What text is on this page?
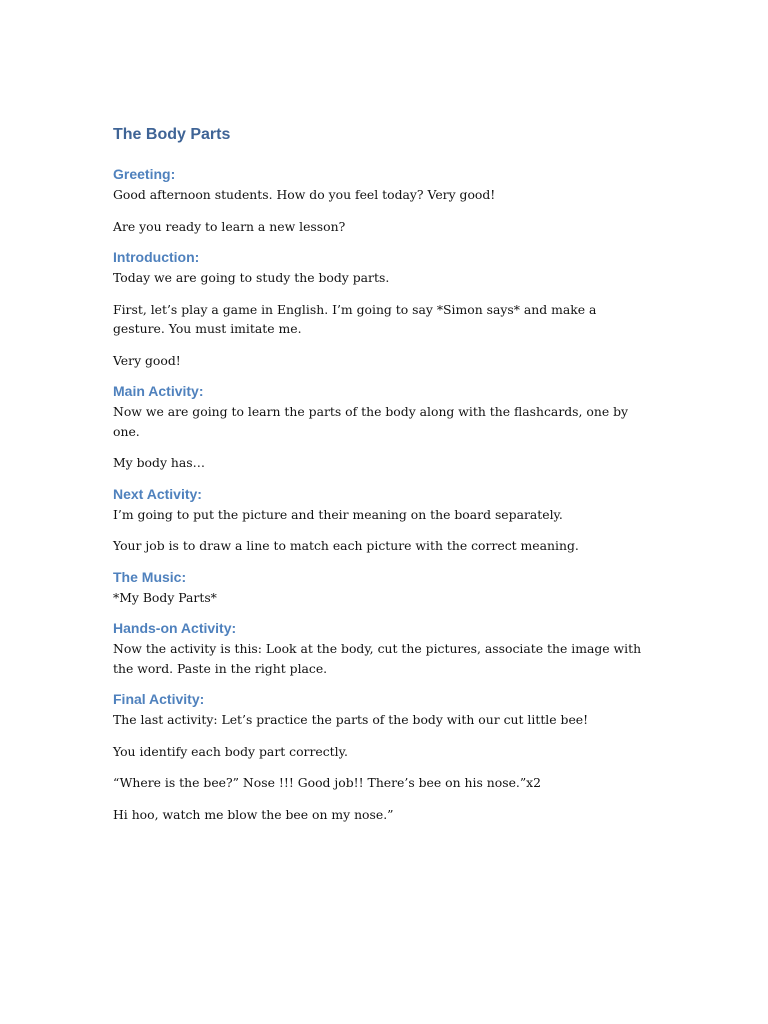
The Body Parts
Greeting:

Good afternoon students. How do you feel today? Very good!

Are you ready to learn a new lesson?

Introduction:

Today we are going to study the body parts.

First, let’s play a game in English. I’m going to say *Simon says* and make a gesture. You must imitate me.

Very good!

Main Activity:

Now we are going to learn the parts of the body along with the flashcards, one by one.

My body has…

Next Activity:

I’m going to put the picture and their meaning on the board separately.

Your job is to draw a line to match each picture with the correct meaning.

The Music:

*My Body Parts*

Hands-on Activity:

Now the activity is this: Look at the body, cut the pictures, associate the image with the word. Paste in the right place.

Final Activity:

The last activity: Let’s practice the parts of the body with our cut little bee!

You identify each body part correctly.

“Where is the bee?” Nose !!! Good job!! There’s bee on his nose.”x2

Hi hoo, watch me blow the bee on my nose.”
